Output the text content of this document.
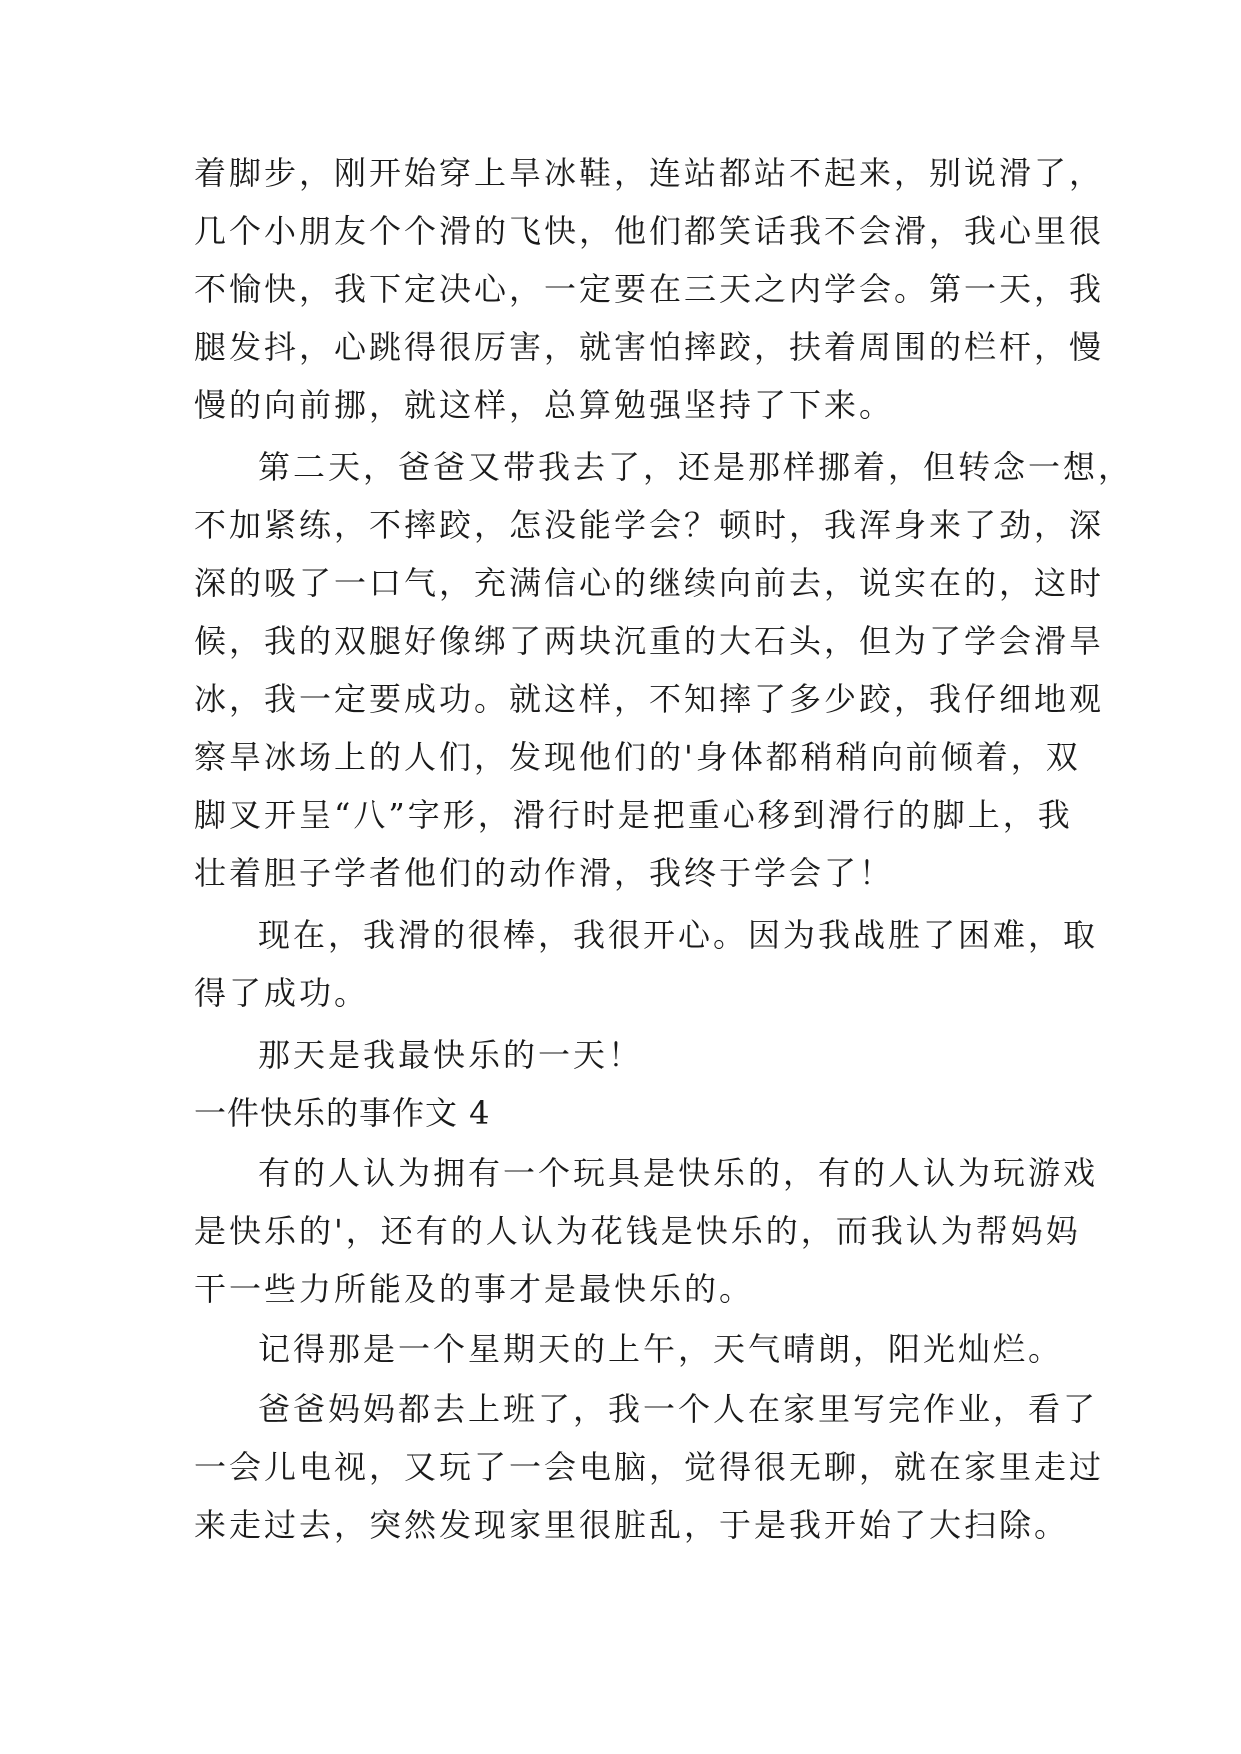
着脚步，刚开始穿上旱冰鞋，连站都站不起来，别说滑了，
几个小朋友个个滑的飞快，他们都笑话我不会滑，我心里很
不愉快，我下定决心，一定要在三天之内学会。第一天，我
腿发抖，心跳得很厉害，就害怕摔跤，扶着周围的栏杆，慢
慢的向前挪，就这样，总算勉强坚持了下来。
第二天，爸爸又带我去了，还是那样挪着，但转念一想，
不加紧练，不摔跤，怎没能学会？顿时，我浑身来了劲，深
深的吸了一口气，充满信心的继续向前去，说实在的，这时
候，我的双腿好像绑了两块沉重的大石头，但为了学会滑旱
冰，我一定要成功。就这样，不知摔了多少跤，我仔细地观
察旱冰场上的人们，发现他们的'身体都稍稍向前倾着，双
脚叉开呈“八”字形，滑行时是把重心移到滑行的脚上，我
壮着胆子学者他们的动作滑，我终于学会了！
现在，我滑的很棒，我很开心。因为我战胜了困难，取
得了成功。
那天是我最快乐的一天！
一件快乐的事作文 4
有的人认为拥有一个玩具是快乐的，有的人认为玩游戏
是快乐的'，还有的人认为花钱是快乐的，而我认为帮妈妈
干一些力所能及的事才是最快乐的。
记得那是一个星期天的上午，天气晴朗，阳光灿烂。
爸爸妈妈都去上班了，我一个人在家里写完作业，看了
一会儿电视，又玩了一会电脑，觉得很无聊，就在家里走过
来走过去，突然发现家里很脏乱，于是我开始了大扫除。
